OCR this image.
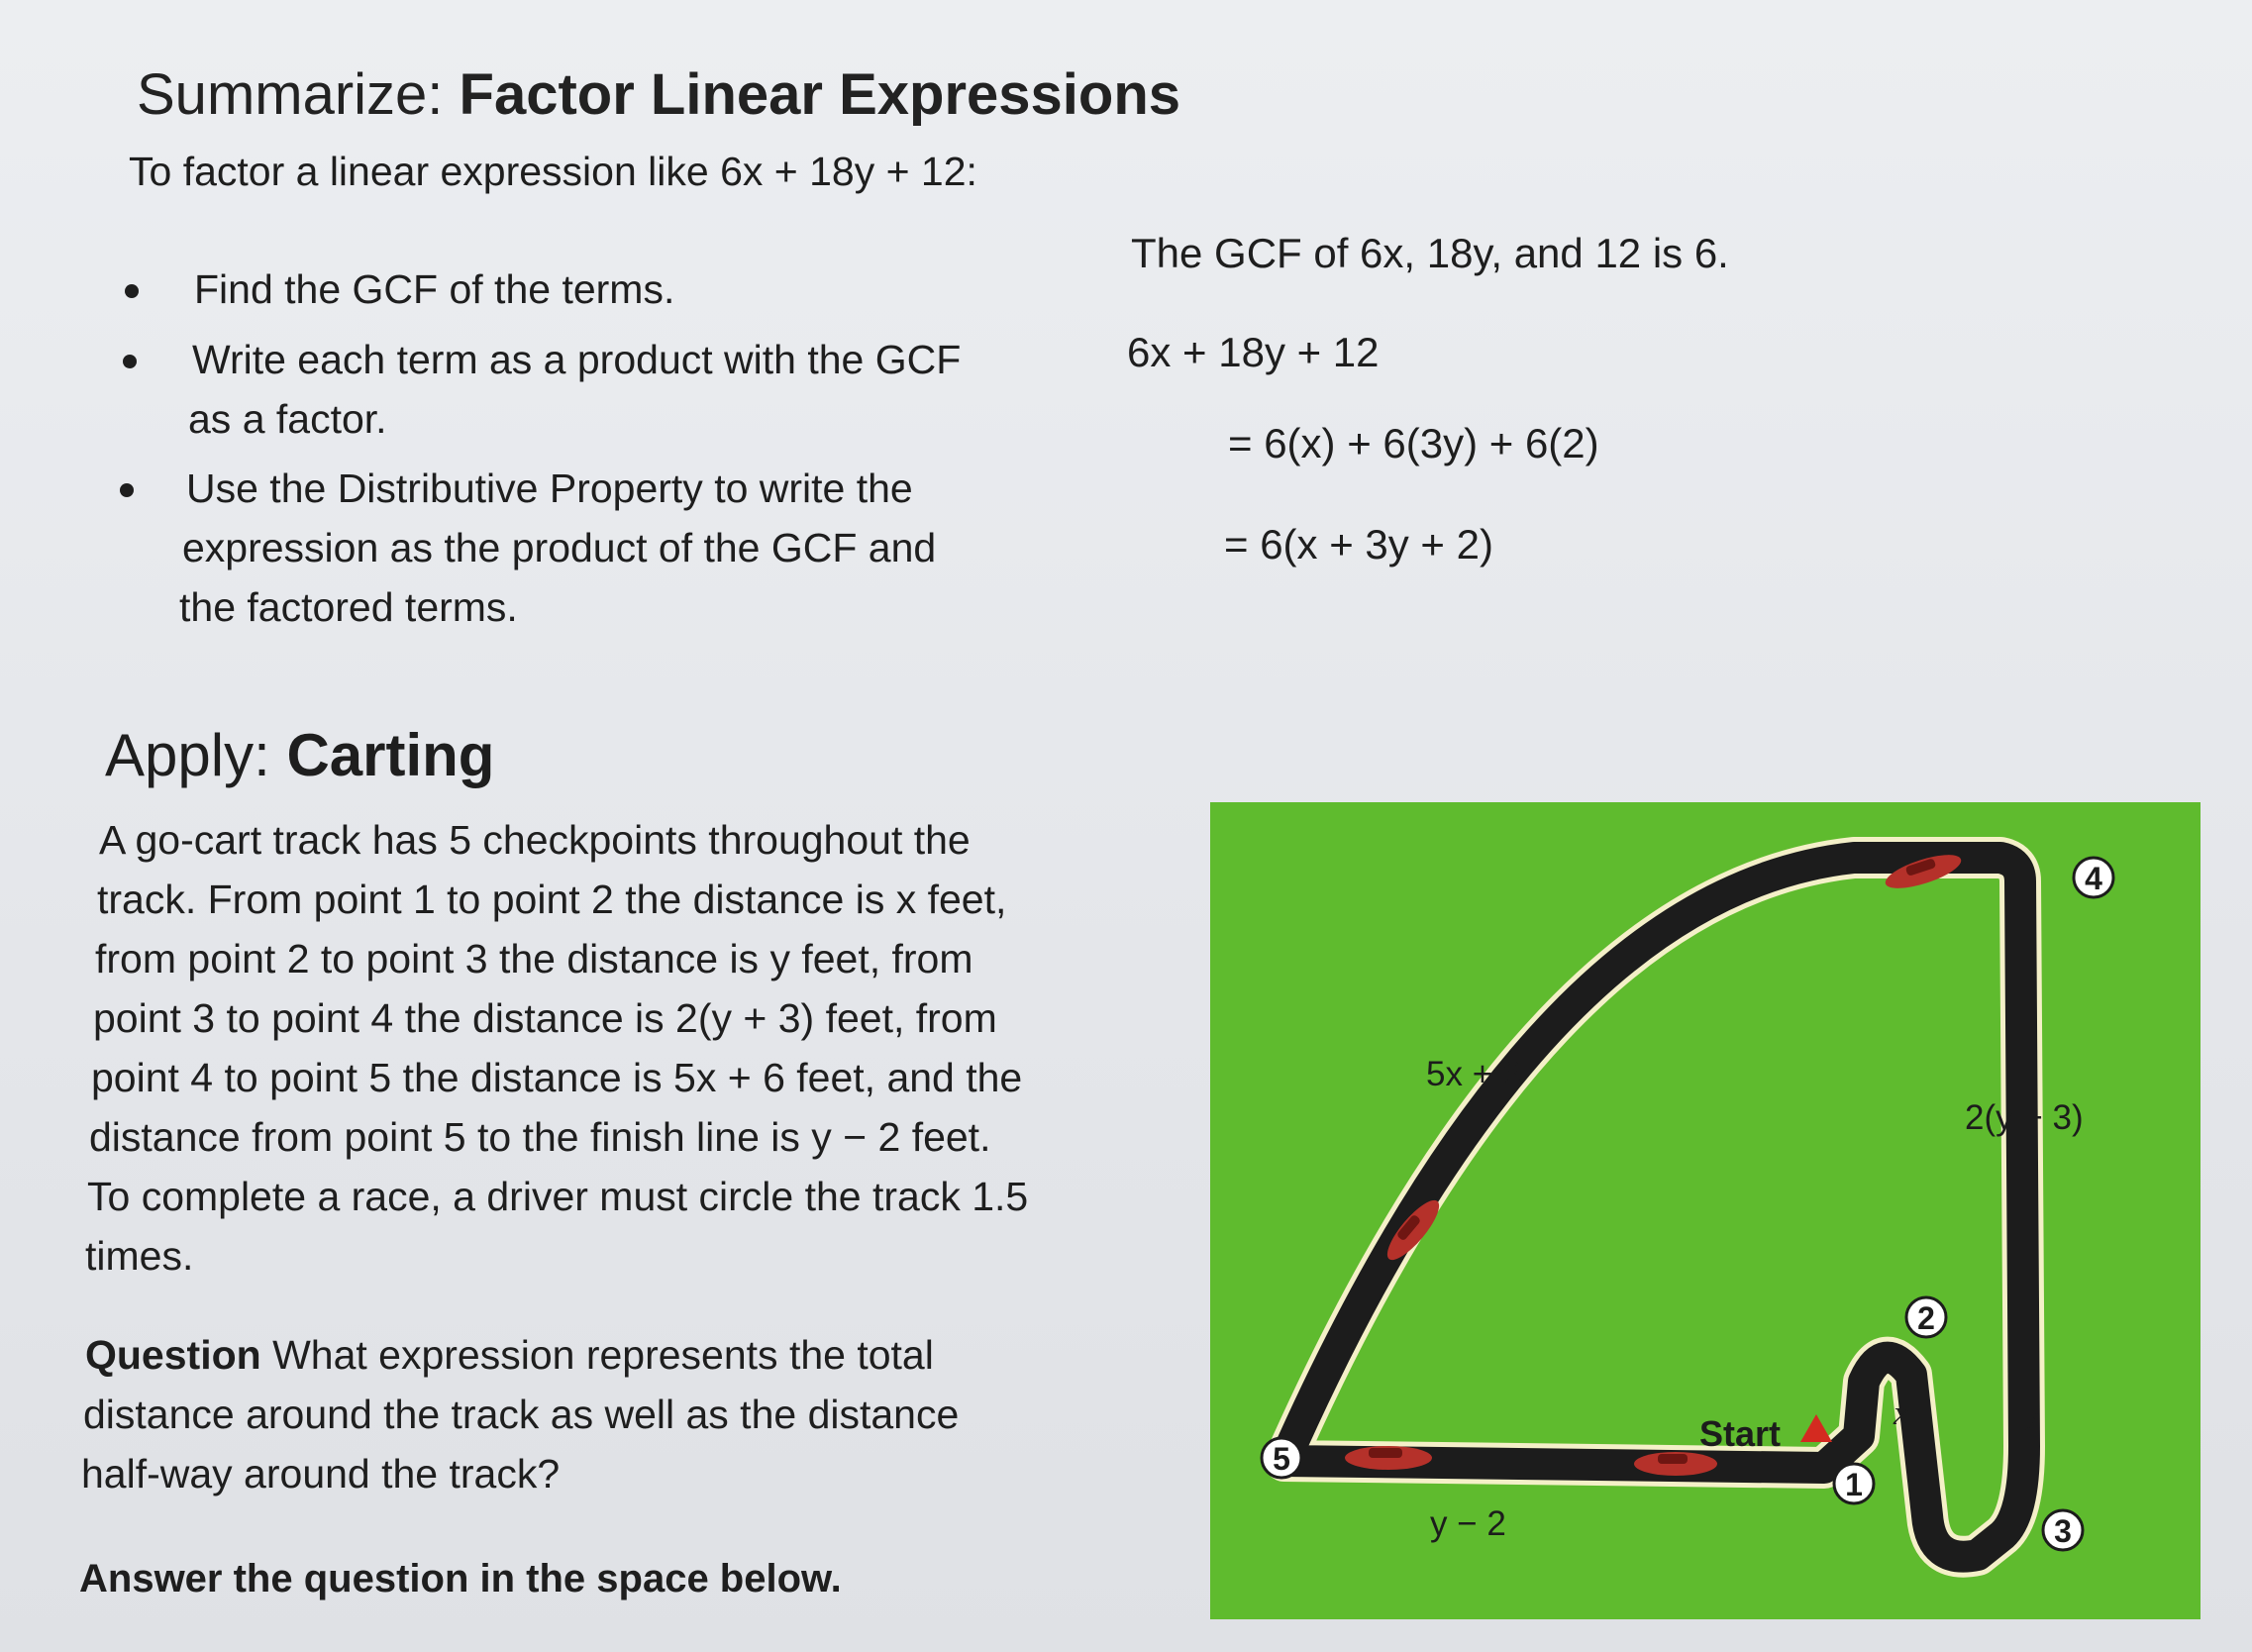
Summarize: Factor Linear Expressions
To factor a linear expression like 6x + 18y + 12:
Find the GCF of the terms.
Write each term as a product with the GCF
as a factor.
Use the Distributive Property to write the
expression as the product of the GCF and
the factored terms.
The GCF of 6x, 18y, and 12 is 6.
6x + 18y + 12
= 6(x) + 6(3y) + 6(2)
= 6(x + 3y + 2)
Apply: Carting
A go-cart track has 5 checkpoints throughout the
track. From point 1 to point 2 the distance is x feet,
from point 2 to point 3 the distance is y feet, from
point 3 to point 4 the distance is 2(y + 3) feet, from
point 4 to point 5 the distance is 5x + 6 feet, and the
distance from point 5 to the finish line is y − 2 feet.
To complete a race, a driver must circle the track 1.5
times.
Question What expression represents the total
distance around the track as well as the distance
half-way around the track?
Answer the question in the space below.
1
2
3
4
5
Start
5x + 6
2(y + 3)
x	y
y − 2
